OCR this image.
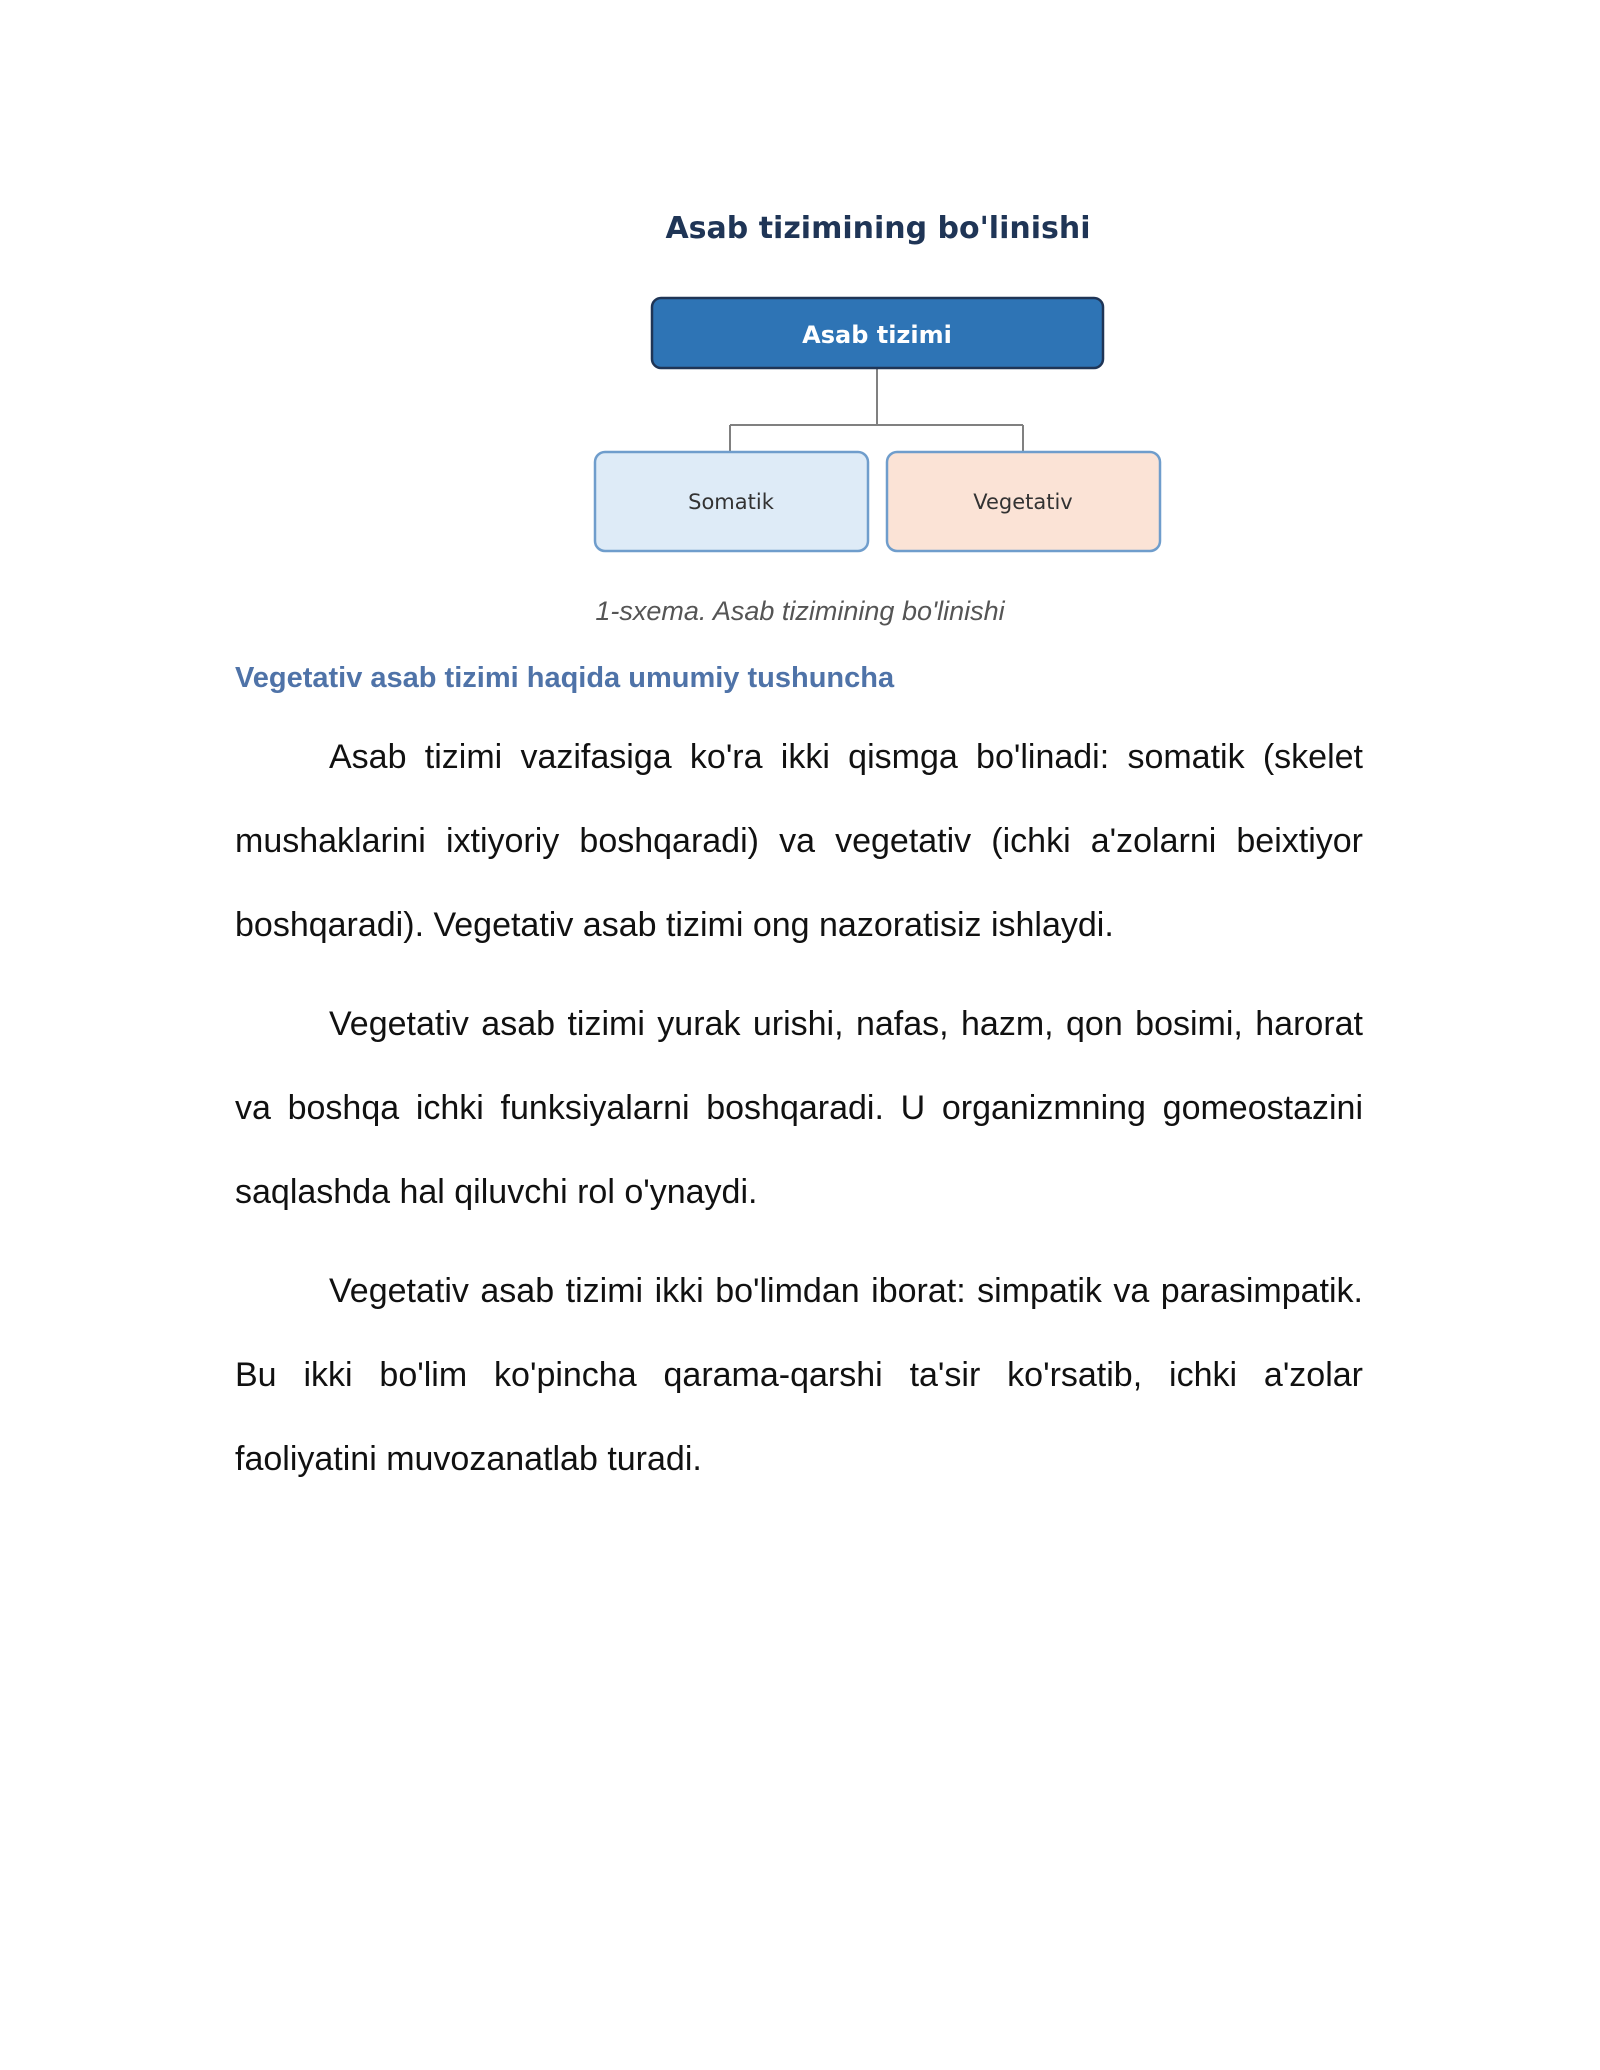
Asab tizimining bo'linishi
Asab tizimi
Somatik	Vegetativ
1-sxema. Asab tizimining bo'linishi
Vegetativ asab tizimi haqida umumiy tushuncha

Asab tizimi vazifasiga ko'ra ikki qismga bo'linadi: somatik (skelet mushaklarini ixtiyoriy boshqaradi) va vegetativ (ichki a'zolarni beixtiyor boshqaradi). Vegetativ asab tizimi ong nazoratisiz ishlaydi.

Vegetativ asab tizimi yurak urishi, nafas, hazm, qon bosimi, harorat va boshqa ichki funksiyalarni boshqaradi. U organizmning gomeostazini saqlashda hal qiluvchi rol o'ynaydi.

Vegetativ asab tizimi ikki bo'limdan iborat: simpatik va parasimpatik. Bu ikki bo'lim ko'pincha qarama-qarshi ta'sir ko'rsatib, ichki a'zolar faoliyatini muvozanatlab turadi.
